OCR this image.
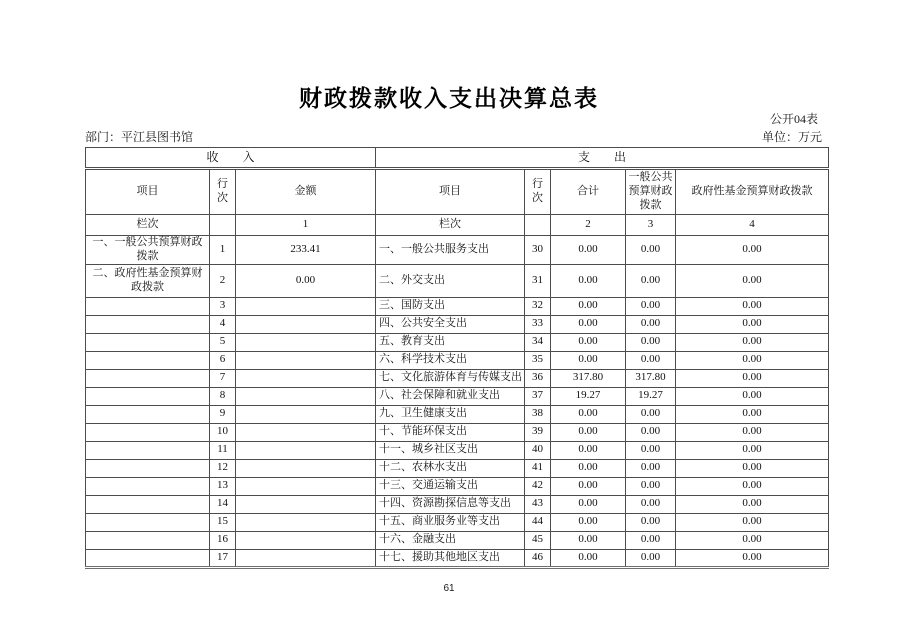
财政拨款收入支出决算总表
公开04表
部门：平江县图书馆	单位：万元
收　　入			支　　出				
项目	行次	金额	项目	行次	合计	一般公共预算财政拨款	政府性基金预算财政拨款
栏次		1	栏次		2	3	4
一、一般公共预算财政拨款	1	233.41	一、一般公共服务支出	30	0.00	0.00	0.00
二、政府性基金预算财政拨款	2	0.00	二、外交支出	31	0.00	0.00	0.00
	3		三、国防支出	32	0.00	0.00	0.00
	4		四、公共安全支出	33	0.00	0.00	0.00
	5		五、教育支出	34	0.00	0.00	0.00
	6		六、科学技术支出	35	0.00	0.00	0.00
	7		七、文化旅游体育与传媒支出	36	317.80	317.80	0.00
	8		八、社会保障和就业支出	37	19.27	19.27	0.00
	9		九、卫生健康支出	38	0.00	0.00	0.00
	10		十、节能环保支出	39	0.00	0.00	0.00
	11		十一、城乡社区支出	40	0.00	0.00	0.00
	12		十二、农林水支出	41	0.00	0.00	0.00
	13		十三、交通运输支出	42	0.00	0.00	0.00
	14		十四、资源勘探信息等支出	43	0.00	0.00	0.00
	15		十五、商业服务业等支出	44	0.00	0.00	0.00
	16		十六、金融支出	45	0.00	0.00	0.00
	17		十七、援助其他地区支出	46	0.00	0.00	0.00
61
